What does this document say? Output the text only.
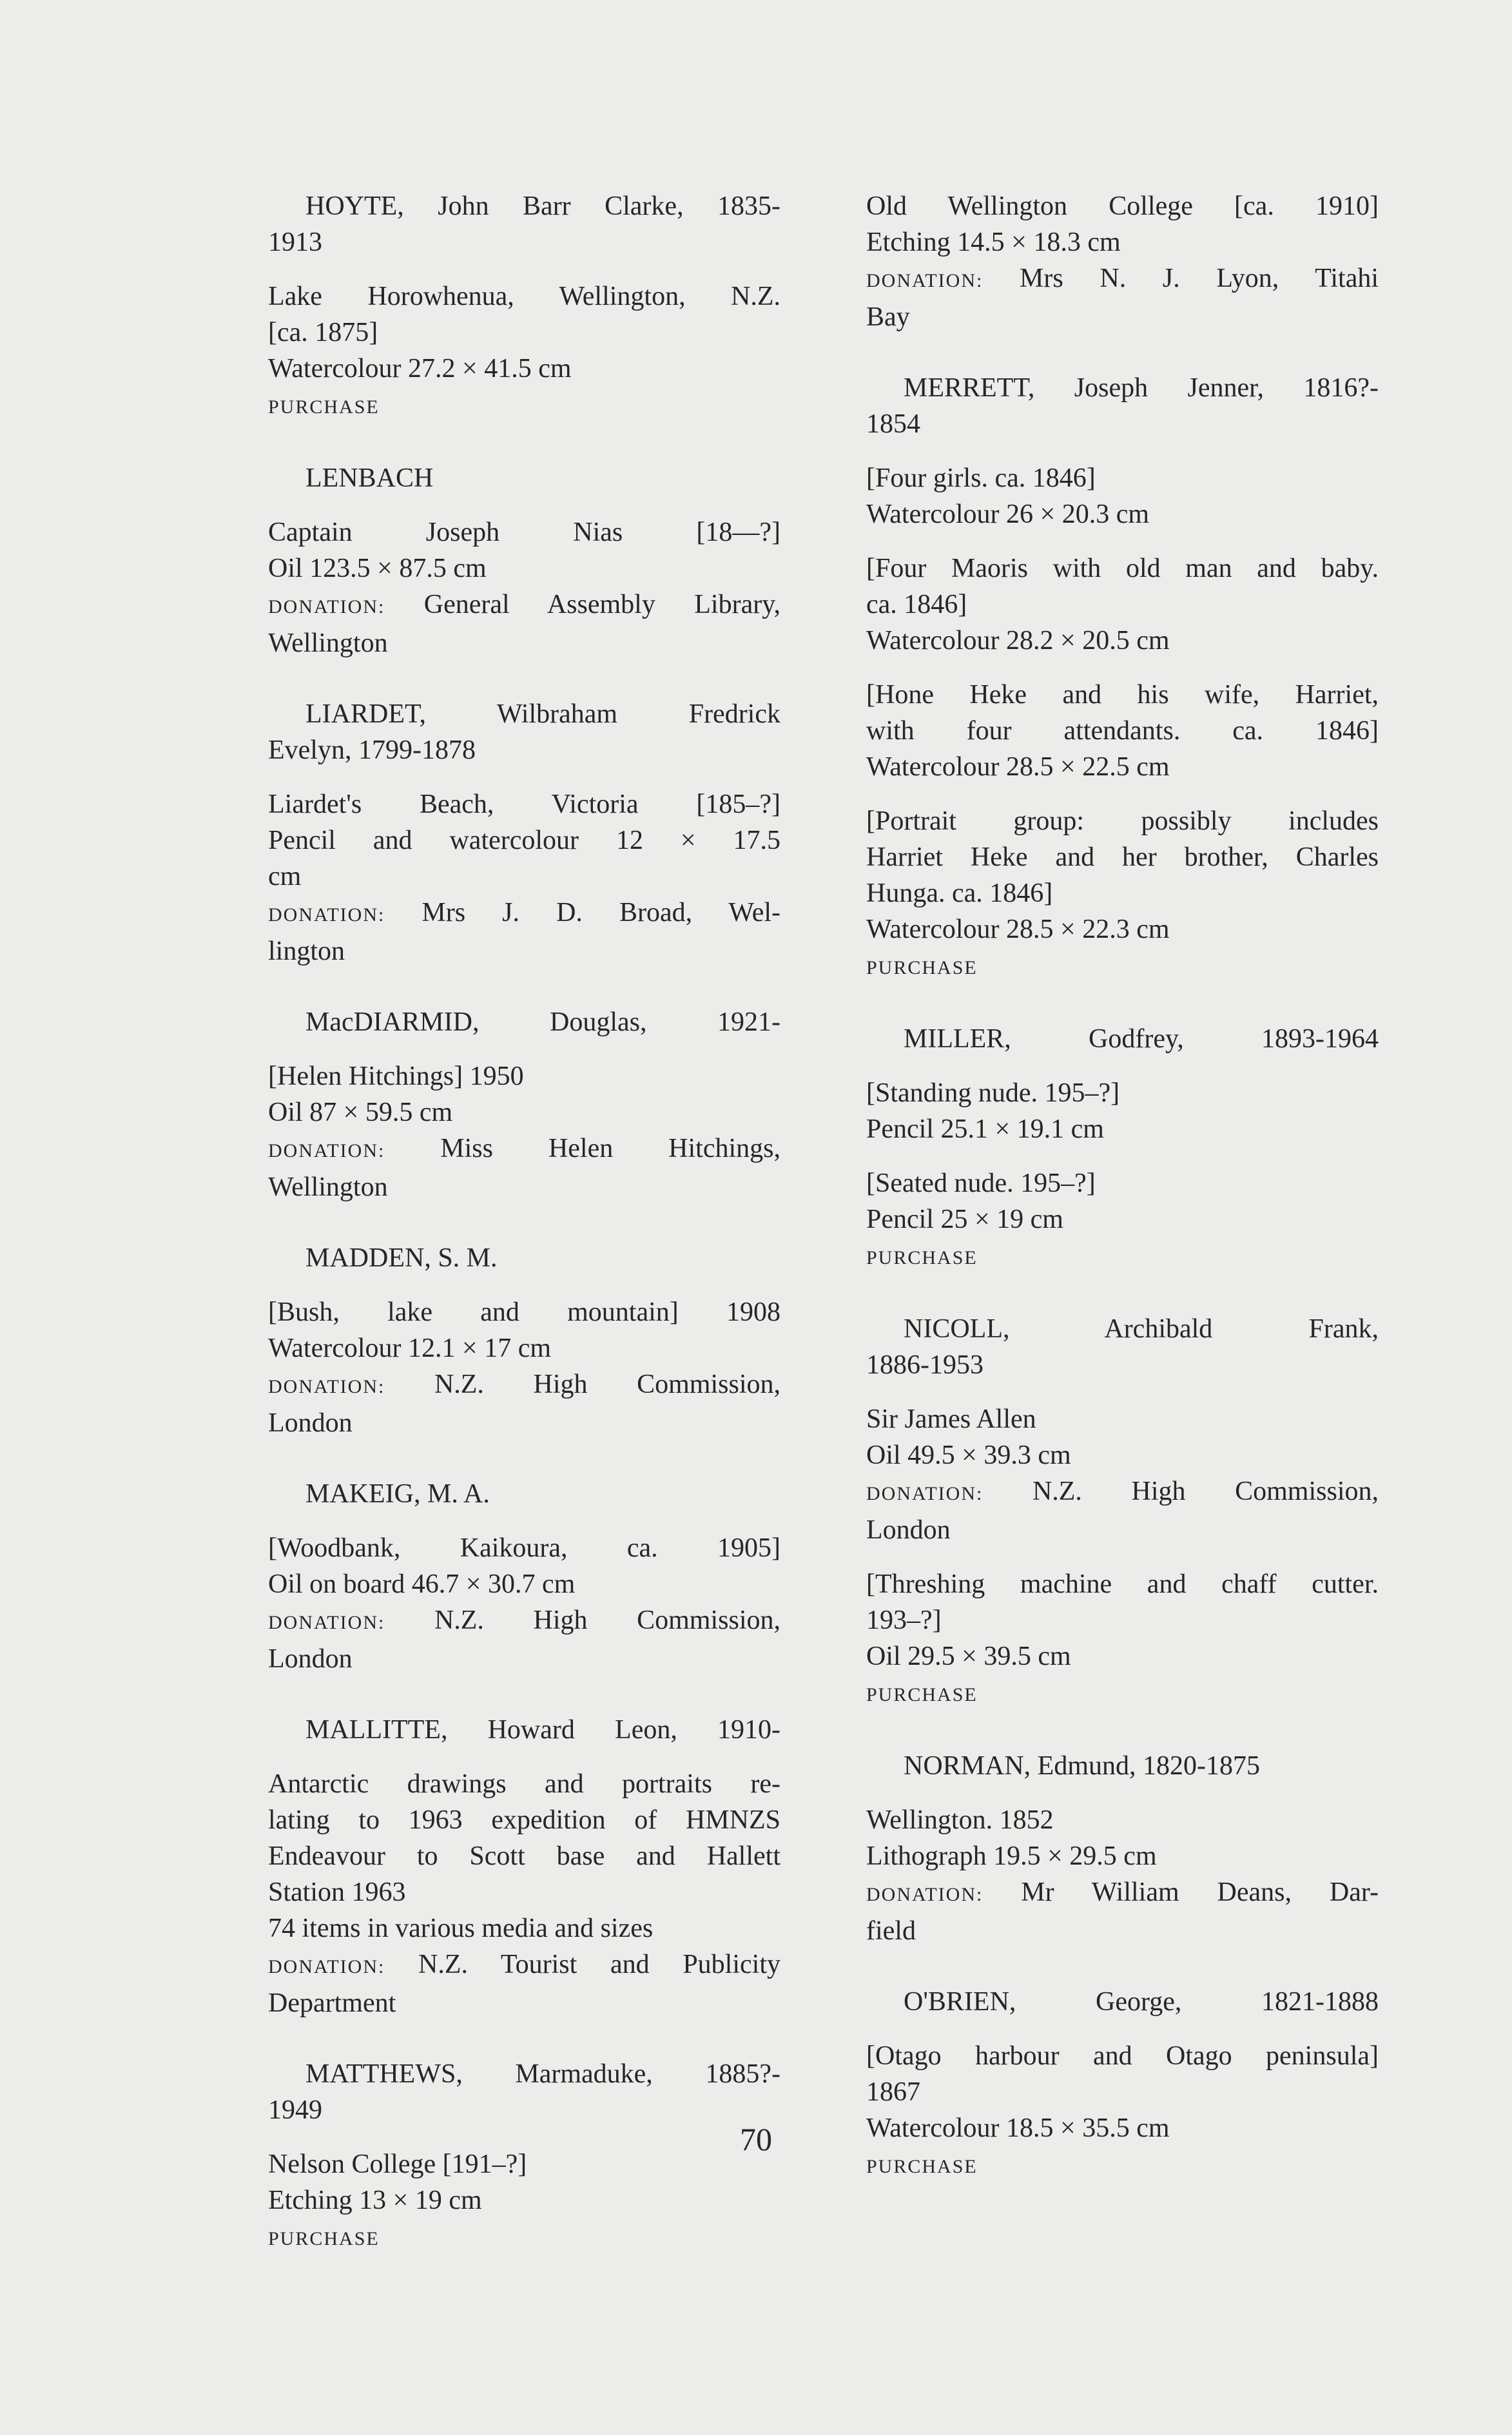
HOYTE, John Barr Clarke, 1835-
1913
Lake Horowhenua, Wellington, N.Z.
[ca. 1875]
Watercolour 27.2 × 41.5 cm
PURCHASE
LENBACH
Captain Joseph Nias [18—?]
Oil 123.5 × 87.5 cm
DONATION: General Assembly Library,
Wellington
LIARDET, Wilbraham Fredrick
Evelyn, 1799-1878
Liardet's Beach, Victoria [185–?]
Pencil and watercolour 12 × 17.5
cm
DONATION: Mrs J. D. Broad, Wel-
lington
MacDIARMID, Douglas, 1921-
[Helen Hitchings] 1950
Oil 87 × 59.5 cm
DONATION: Miss Helen Hitchings,
Wellington
MADDEN, S. M.
[Bush, lake and mountain] 1908
Watercolour 12.1 × 17 cm
DONATION: N.Z. High Commission,
London
MAKEIG, M. A.
[Woodbank, Kaikoura, ca. 1905]
Oil on board 46.7 × 30.7 cm
DONATION: N.Z. High Commission,
London
MALLITTE, Howard Leon, 1910-
Antarctic drawings and portraits re-
lating to 1963 expedition of HMNZS
Endeavour to Scott base and Hallett
Station 1963
74 items in various media and sizes
DONATION: N.Z. Tourist and Publicity
Department
MATTHEWS, Marmaduke, 1885?-
1949
Nelson College [191–?]
Etching 13 × 19 cm
PURCHASE
Old Wellington College [ca. 1910]
Etching 14.5 × 18.3 cm
DONATION: Mrs N. J. Lyon, Titahi
Bay
MERRETT, Joseph Jenner, 1816?-
1854
[Four girls. ca. 1846]
Watercolour 26 × 20.3 cm
[Four Maoris with old man and baby.
ca. 1846]
Watercolour 28.2 × 20.5 cm
[Hone Heke and his wife, Harriet,
with four attendants. ca. 1846]
Watercolour 28.5 × 22.5 cm
[Portrait group: possibly includes
Harriet Heke and her brother, Charles
Hunga. ca. 1846]
Watercolour 28.5 × 22.3 cm
PURCHASE
MILLER, Godfrey, 1893-1964
[Standing nude. 195–?]
Pencil 25.1 × 19.1 cm
[Seated nude. 195–?]
Pencil 25 × 19 cm
PURCHASE
NICOLL, Archibald Frank,
1886-1953
Sir James Allen
Oil 49.5 × 39.3 cm
DONATION: N.Z. High Commission,
London
[Threshing machine and chaff cutter.
193–?]
Oil 29.5 × 39.5 cm
PURCHASE
NORMAN, Edmund, 1820-1875
Wellington. 1852
Lithograph 19.5 × 29.5 cm
DONATION: Mr William Deans, Dar-
field
O'BRIEN, George, 1821-1888
[Otago harbour and Otago peninsula]
1867
Watercolour 18.5 × 35.5 cm
PURCHASE
70
